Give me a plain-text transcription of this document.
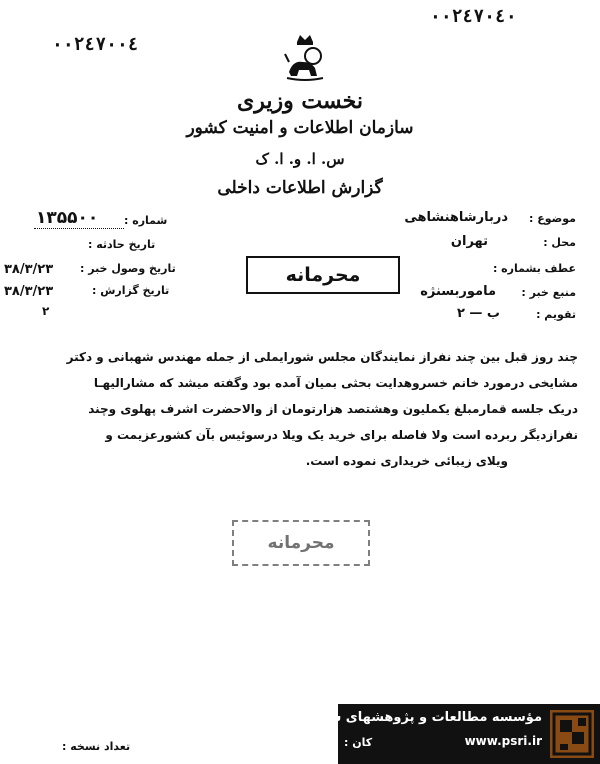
٠٠٢٤٧٠٤٠
٠٠٢٤٧٠٠٤
نخست وزیری
سازمان اطلاعات و امنیت کشور
س. ا. و. ا. ک
گزارش اطلاعات داخلی
موضوع :
دربارشاهنشاهی
محل :
تهران
عطف بشماره :
منبع خبر :
ماموربسنژه
تقویم :
ب — ۲
شماره :
۱۳۵۵۰۰
تاریخ حادثه :
تاریخ وصول خبر :
۳۸/۳/۲۳
تاریخ گزارش :
۳۸/۳/۲۳
۲
محرمانه
چند روز قبل بین چند نفراز نمایندگان مجلس شورایملی از جمله مهندس شهبانی و دکتر
مشایخی درمورد خانم خسروهدایت بحثی بمیان آمده بود وگفته میشد که مشارالیهـا
دریک جلسه قمارمبلغ یکملیون وهشتصد هزارتومان از والاحضرت اشرف پهلوی وچند
نفرازدیگر ربرده است ولا فاصله برای خرید یک ویلا درسوئیس بآن کشورعزیمت و
ویلای زیبائی خریداری نموده است.
محرمانه
تعداد نسخه :
مؤسسه مطالعات و پژوهشهای سیاسی
www.psri.ir
کان :
